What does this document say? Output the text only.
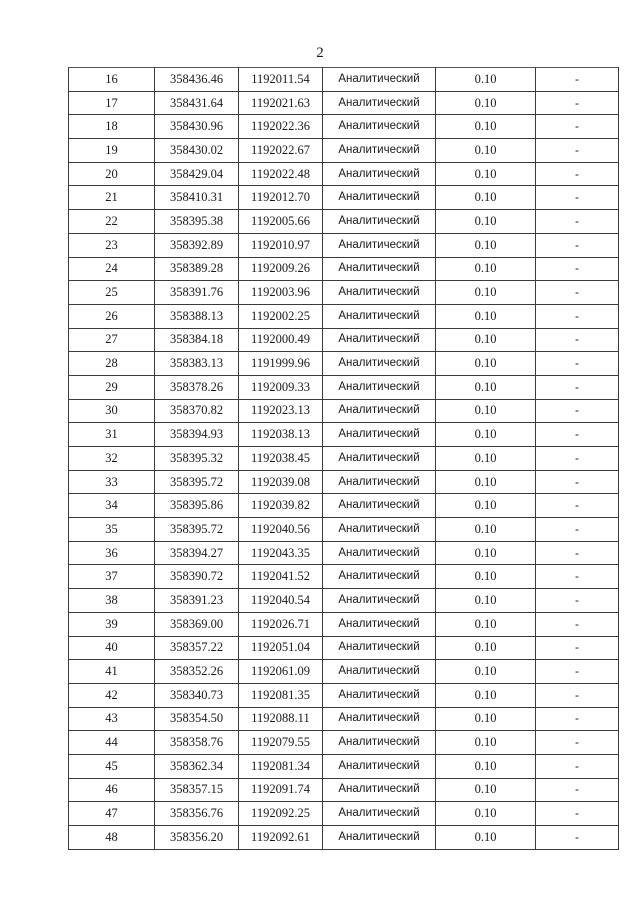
2
16	358436.46	1192011.54	Аналитический	0.10	-
17	358431.64	1192021.63	Аналитический	0.10	-
18	358430.96	1192022.36	Аналитический	0.10	-
19	358430.02	1192022.67	Аналитический	0.10	-
20	358429.04	1192022.48	Аналитический	0.10	-
21	358410.31	1192012.70	Аналитический	0.10	-
22	358395.38	1192005.66	Аналитический	0.10	-
23	358392.89	1192010.97	Аналитический	0.10	-
24	358389.28	1192009.26	Аналитический	0.10	-
25	358391.76	1192003.96	Аналитический	0.10	-
26	358388.13	1192002.25	Аналитический	0.10	-
27	358384.18	1192000.49	Аналитический	0.10	-
28	358383.13	1191999.96	Аналитический	0.10	-
29	358378.26	1192009.33	Аналитический	0.10	-
30	358370.82	1192023.13	Аналитический	0.10	-
31	358394.93	1192038.13	Аналитический	0.10	-
32	358395.32	1192038.45	Аналитический	0.10	-
33	358395.72	1192039.08	Аналитический	0.10	-
34	358395.86	1192039.82	Аналитический	0.10	-
35	358395.72	1192040.56	Аналитический	0.10	-
36	358394.27	1192043.35	Аналитический	0.10	-
37	358390.72	1192041.52	Аналитический	0.10	-
38	358391.23	1192040.54	Аналитический	0.10	-
39	358369.00	1192026.71	Аналитический	0.10	-
40	358357.22	1192051.04	Аналитический	0.10	-
41	358352.26	1192061.09	Аналитический	0.10	-
42	358340.73	1192081.35	Аналитический	0.10	-
43	358354.50	1192088.11	Аналитический	0.10	-
44	358358.76	1192079.55	Аналитический	0.10	-
45	358362.34	1192081.34	Аналитический	0.10	-
46	358357.15	1192091.74	Аналитический	0.10	-
47	358356.76	1192092.25	Аналитический	0.10	-
48	358356.20	1192092.61	Аналитический	0.10	-
